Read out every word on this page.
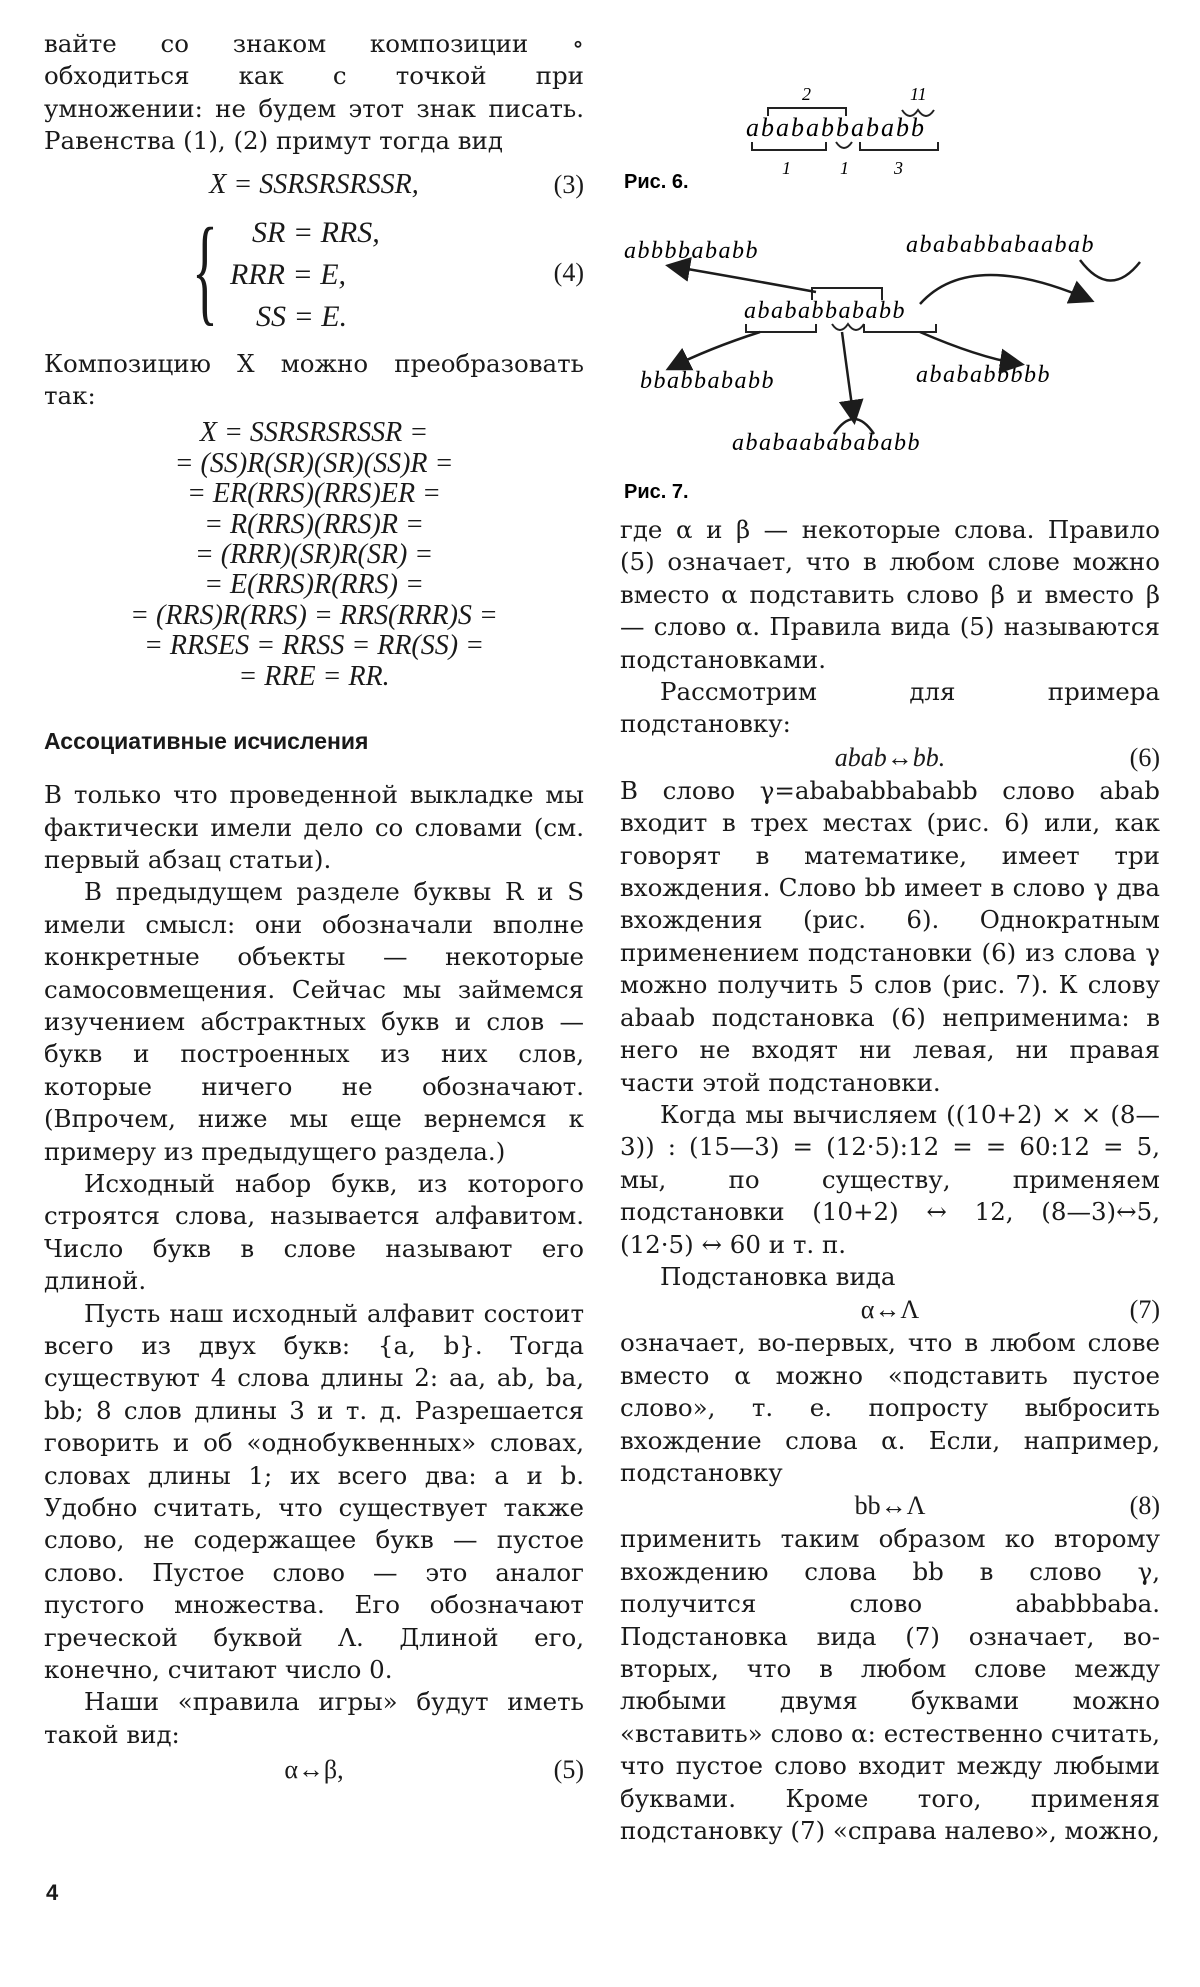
вайте со знаком композиции ∘ обходиться как с точкой при умножении: не будем этот знак писать. Равенства (1), (2) примут тогда вид

X = SSRSRSRSSR,	(3)
{ SR = RRS,
RRR = E,
SS = E.
(4)

Композицию X можно преобразовать так:

X = SSRSRSRSSR =
= (SS)R(SR)(SR)(SS)R =
= ER(RRS)(RRS)ER =
= R(RRS)(RRS)R =
= (RRR)(SR)R(SR) =
= E(RRS)R(RRS) =
= (RRS)R(RRS) = RRS(RRR)S =
= RRSES = RRSS = RR(SS) =
= RRE = RR.
Ассоциативные исчисления

В только что проведенной выкладке мы фактически имели дело со словами (см. первый абзац статьи).

В предыдущем разделе буквы R и S имели смысл: они обозначали вполне конкретные объекты — некоторые самосовмещения. Сейчас мы займемся изучением абстрактных букв и слов — букв и построенных из них слов, которые ничего не обозначают. (Впрочем, ниже мы еще вернемся к примеру из предыдущего раздела.)

Исходный набор букв, из которого строятся слова, называется алфавитом. Число букв в слове называют его длиной.

Пусть наш исходный алфавит состоит всего из двух букв: {a, b}. Тогда существуют 4 слова длины 2: aa, ab, ba, bb; 8 слов длины 3 и т. д. Разрешается говорить и об «однобуквенных» словах, словах длины 1; их всего два: a и b. Удобно считать, что существует также слово, не содержащее букв — пустое слово. Пустое слово — это аналог пустого множества. Его обозначают греческой буквой Λ. Длиной его, конечно, считают число 0.

Наши «правила игры» будут иметь такой вид:

α↔β,	(5)
abababbababb
2	11
1	1	3
Рис. 6.
abbbbababb	abababbabaabab
abababbababb
bbabbababb	abababbbbb
ababaababababb
Рис. 7.

где α и β — некоторые слова. Правило (5) означает, что в любом слове можно вместо α подставить слово β и вместо β — слово α. Правила вида (5) называются подстановками.

Рассмотрим для примера подстановку:

abab↔bb.	(6)

В слово γ=abababbababb слово abab входит в трех местах (рис. 6) или, как говорят в математике, имеет три вхождения. Слово bb имеет в слово γ два вхождения (рис. 6). Однократным применением подстановки (6) из слова γ можно получить 5 слов (рис. 7). К слову abaab подстановка (6) неприменима: в него не входят ни левая, ни правая части этой подстановки.

Когда мы вычисляем ((10+2) × × (8—3)) : (15—3) = (12·5):12 = = 60:12 = 5, мы, по существу, применяем подстановки (10+2) ↔ 12, (8—3)↔5, (12·5) ↔ 60 и т. п.

Подстановка вида

α↔Λ	(7)

означает, во-первых, что в любом слове вместо α можно «подставить пустое слово», т. е. попросту выбросить вхождение слова α. Если, например, подстановку

bb↔Λ	(8)

применить таким образом ко второму вхождению слова bb в слово γ, получится слово ababbbaba. Подстановка вида (7) означает, во-вторых, что в любом слове между любыми двумя буквами можно «вставить» слово α: естественно считать, что пустое слово входит между любыми буквами. Кроме того, применяя подстановку (7) «справа налево», можно,

4
